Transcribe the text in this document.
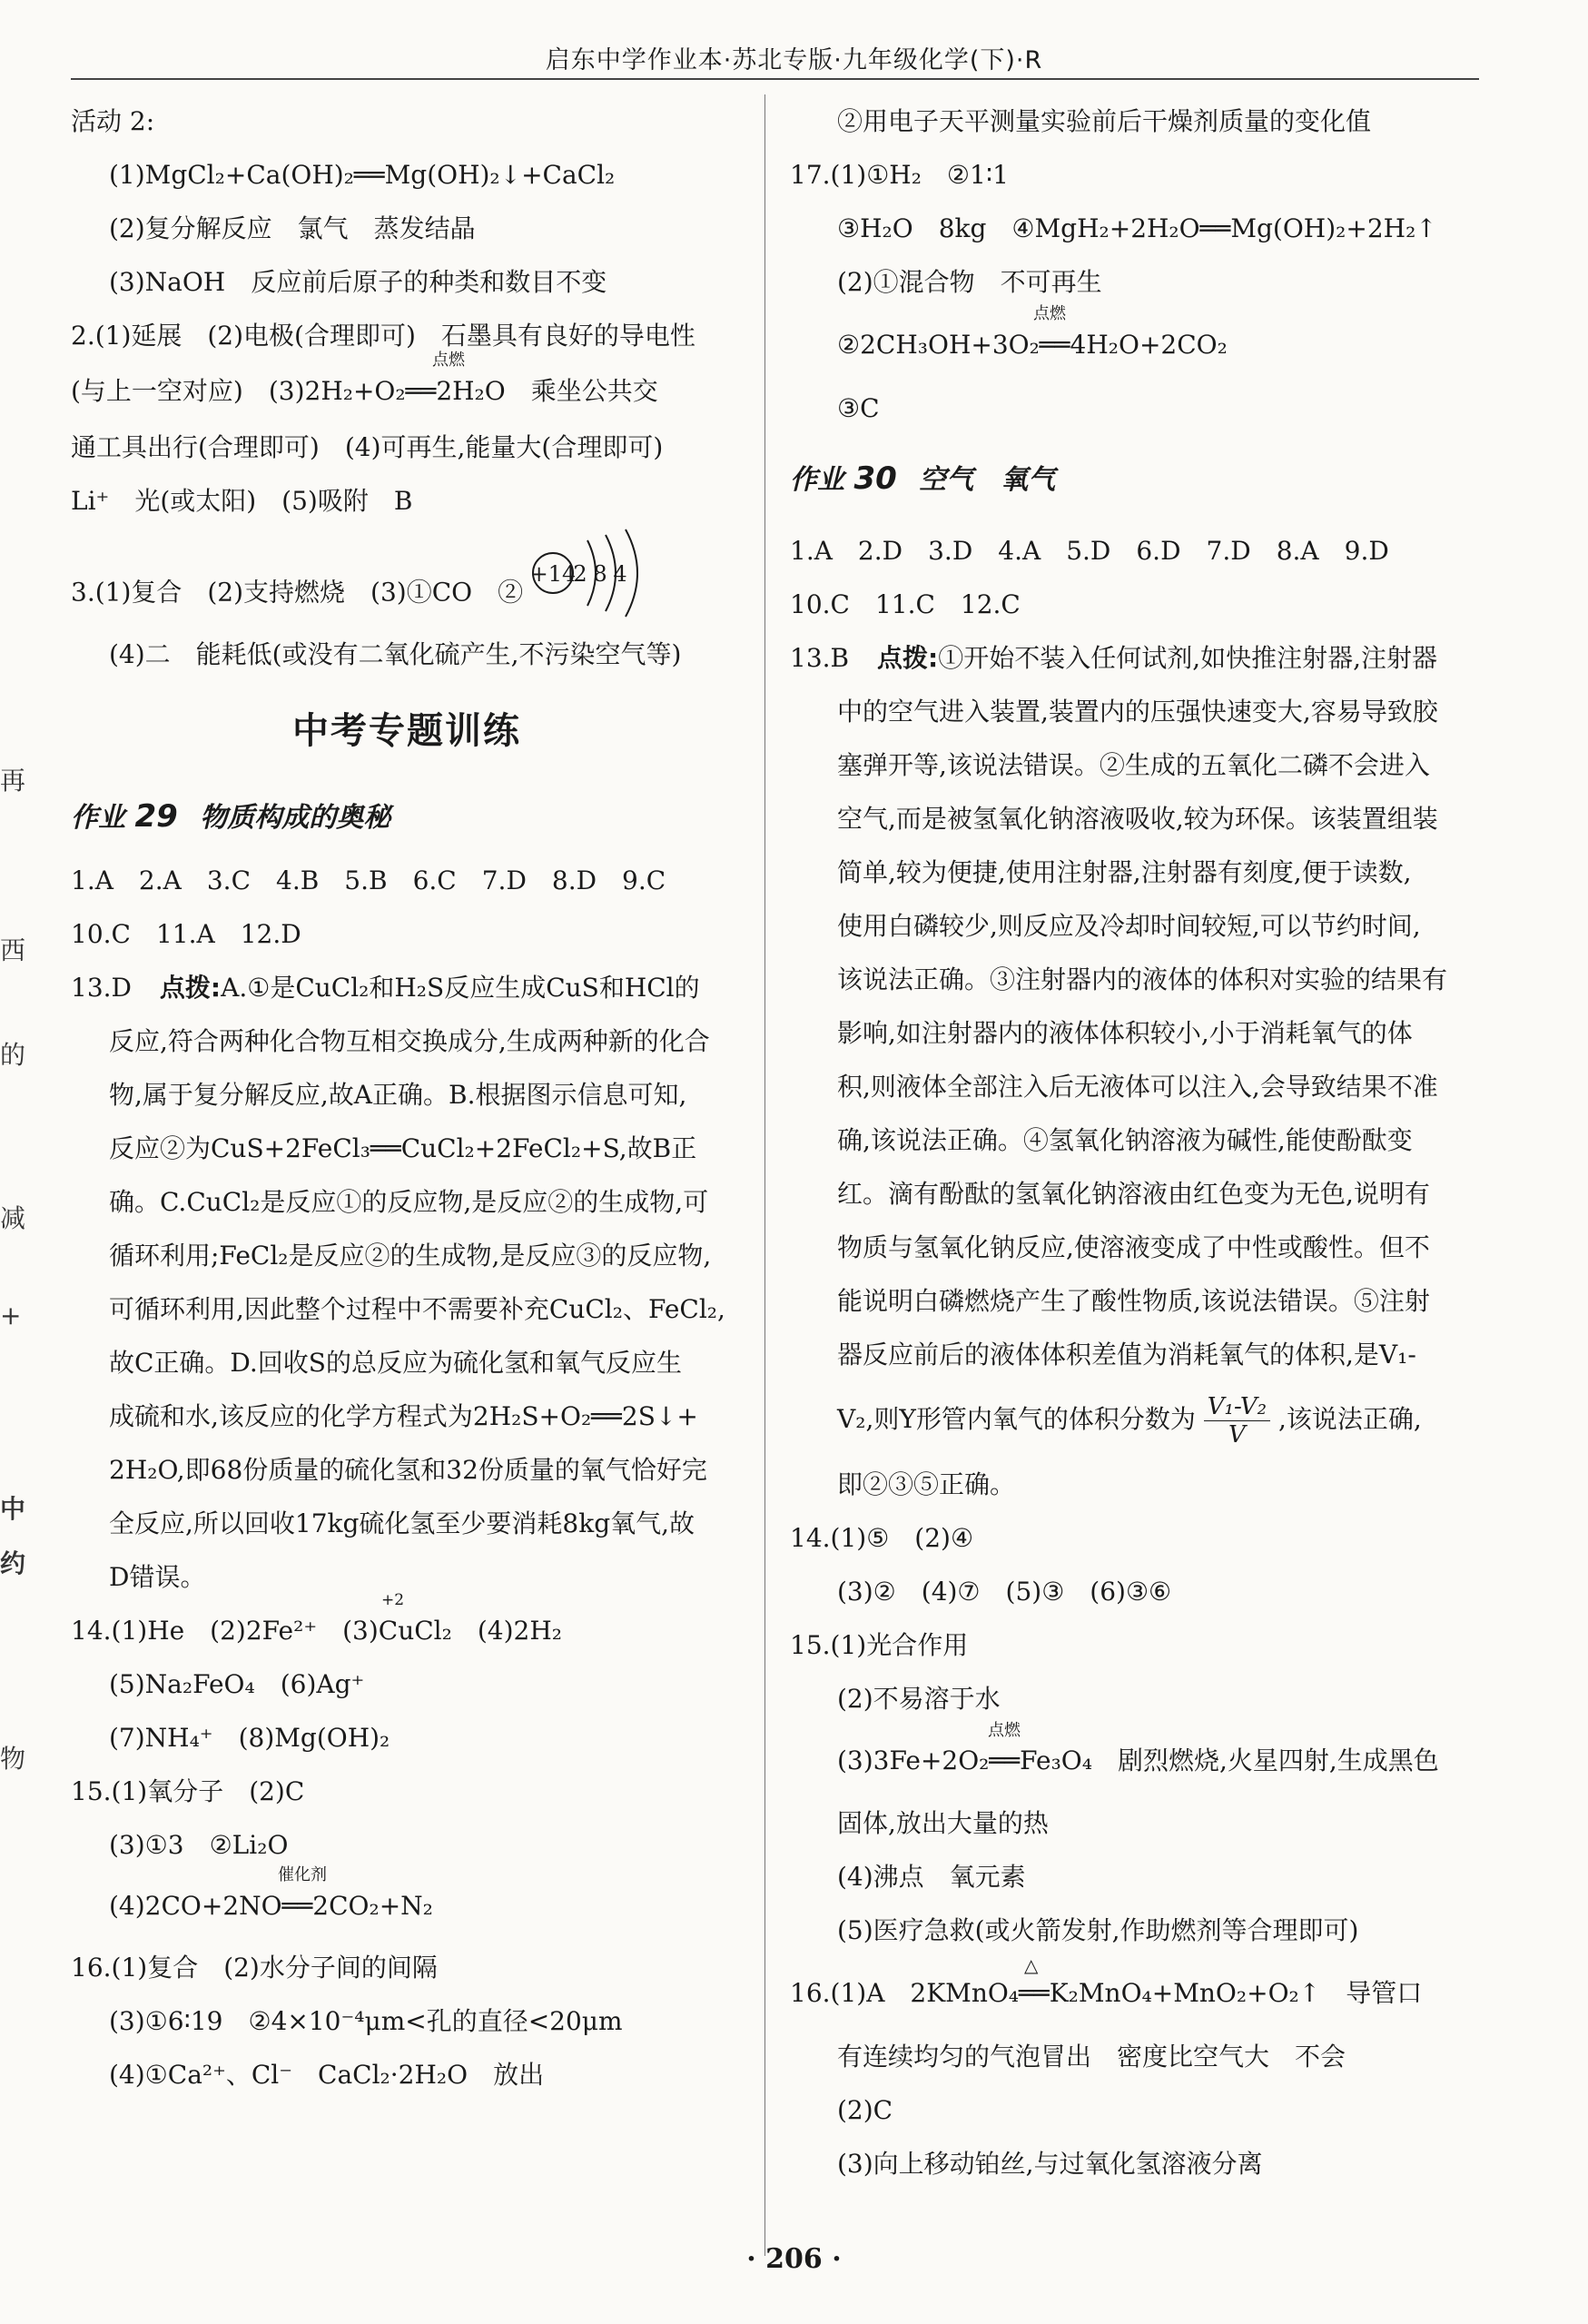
启东中学作业本·苏北专版·九年级化学(下)·R
再
西
的
减
+
中
约
物
活动 2:
(1)MgCl₂+Ca(OH)₂══Mg(OH)₂↓+CaCl₂
(2)复分解反应　氯气　蒸发结晶
(3)NaOH　反应前后原子的种类和数目不变
2.(1)延展　(2)电极(合理即可)　石墨具有良好的导电性
点燃
(与上一空对应)　(3)2H₂+O₂══2H₂O　乘坐公共交
通工具出行(合理即可)　(4)可再生,能量大(合理即可)
Li⁺　光(或太阳)　(5)吸附　B
3.(1)复合　(2)支持燃烧　(3)①CO　②
+14
2 8 4
(4)二　能耗低(或没有二氧化硫产生,不污染空气等)
中考专题训练
作业 29 物质构成的奥秘
1.A　2.A　3.C　4.B　5.B　6.C　7.D　8.D　9.C
10.C　11.A　12.D
13.D 点拨:A.①是CuCl₂和H₂S反应生成CuS和HCl的
反应,符合两种化合物互相交换成分,生成两种新的化合
物,属于复分解反应,故A正确。B.根据图示信息可知,
反应②为CuS+2FeCl₃══CuCl₂+2FeCl₂+S,故B正
确。C.CuCl₂是反应①的反应物,是反应②的生成物,可
循环利用;FeCl₂是反应②的生成物,是反应③的反应物,
可循环利用,因此整个过程中不需要补充CuCl₂、FeCl₂,
故C正确。D.回收S的总反应为硫化氢和氧气反应生
成硫和水,该反应的化学方程式为2H₂S+O₂══2S↓+
2H₂O,即68份质量的硫化氢和32份质量的氧气恰好完
全反应,所以回收17kg硫化氢至少要消耗8kg氧气,故
D错误。
+2
14.(1)He　(2)2Fe²⁺　(3)CuCl₂　(4)2H₂
(5)Na₂FeO₄　(6)Ag⁺
(7)NH₄⁺　(8)Mg(OH)₂
15.(1)氧分子　(2)C
(3)①3　②Li₂O
催化剂
(4)2CO+2NO══2CO₂+N₂
16.(1)复合　(2)水分子间的间隔
(3)①6∶19　②4×10⁻⁴μm<孔的直径<20μm
(4)①Ca²⁺、Cl⁻　CaCl₂·2H₂O　放出
②用电子天平测量实验前后干燥剂质量的变化值
17.(1)①H₂　②1∶1
③H₂O　8kg　④MgH₂+2H₂O══Mg(OH)₂+2H₂↑
(2)①混合物　不可再生
点燃
②2CH₃OH+3O₂══4H₂O+2CO₂
③C
作业 30 空气　氧气
1.A　2.D　3.D　4.A　5.D　6.D　7.D　8.A　9.D
10.C　11.C　12.C
13.B 点拨:①开始不装入任何试剂,如快推注射器,注射器
中的空气进入装置,装置内的压强快速变大,容易导致胶
塞弹开等,该说法错误。②生成的五氧化二磷不会进入
空气,而是被氢氧化钠溶液吸收,较为环保。该装置组装
简单,较为便捷,使用注射器,注射器有刻度,便于读数,
使用白磷较少,则反应及冷却时间较短,可以节约时间,
该说法正确。③注射器内的液体的体积对实验的结果有
影响,如注射器内的液体体积较小,小于消耗氧气的体
积,则液体全部注入后无液体可以注入,会导致结果不准
确,该说法正确。④氢氧化钠溶液为碱性,能使酚酞变
红。滴有酚酞的氢氧化钠溶液由红色变为无色,说明有
物质与氢氧化钠反应,使溶液变成了中性或酸性。但不
能说明白磷燃烧产生了酸性物质,该说法错误。⑤注射
器反应前后的液体体积差值为消耗氧气的体积,是V₁-
V₂,则Y形管内氧气的体积分数为 $\frac{\text{V₁-V₂}}{V}$ ,该说法正确,
即②③⑤正确。
14.(1)⑤　(2)④
(3)②　(4)⑦　(5)③　(6)③⑥
15.(1)光合作用
(2)不易溶于水
点燃
(3)3Fe+2O₂══Fe₃O₄　剧烈燃烧,火星四射,生成黑色
固体,放出大量的热
(4)沸点　氧元素
(5)医疗急救(或火箭发射,作助燃剂等合理即可)
△
16.(1)A　2KMnO₄══K₂MnO₄+MnO₂+O₂↑　导管口
有连续均匀的气泡冒出　密度比空气大　不会
(2)C
(3)向上移动铂丝,与过氧化氢溶液分离
· 206 ·
